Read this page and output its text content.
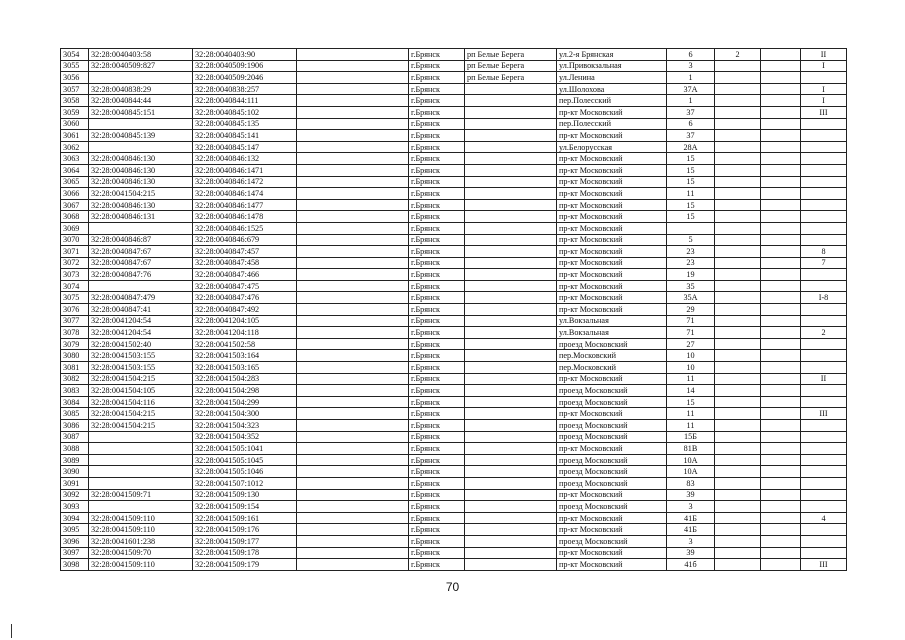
3054	32:28:0040403:58	32:28:0040403:90		г.Брянск	рп Белые Берега	ул.2-я Брянская	6	2		II
3055	32:28:0040509:827	32:28:0040509:1906		г.Брянск	рп Белые Берега	ул.Привокзальная	3			I
3056		32:28:0040509:2046		г.Брянск	рп Белые Берега	ул.Ленина	1			
3057	32:28:0040838:29	32:28:0040838:257		г.Брянск		ул.Шолохова	37А			I
3058	32:28:0040844:44	32:28:0040844:111		г.Брянск		пер.Полесский	1			I
3059	32:28:0040845:151	32:28:0040845:102		г.Брянск		пр-кт Московский	37			III
3060		32:28:0040845:135		г.Брянск		пер.Полесский	6			
3061	32:28:0040845:139	32:28:0040845:141		г.Брянск		пр-кт Московский	37			
3062		32:28:0040845:147		г.Брянск		ул.Белорусская	28А			
3063	32:28:0040846:130	32:28:0040846:132		г.Брянск		пр-кт Московский	15			
3064	32:28:0040846:130	32:28:0040846:1471		г.Брянск		пр-кт Московский	15			
3065	32:28:0040846:130	32:28:0040846:1472		г.Брянск		пр-кт Московский	15			
3066	32:28:0041504:215	32:28:0040846:1474		г.Брянск		пр-кт Московский	11			
3067	32:28:0040846:130	32:28:0040846:1477		г.Брянск		пр-кт Московский	15			
3068	32:28:0040846:131	32:28:0040846:1478		г.Брянск		пр-кт Московский	15			
3069		32:28:0040846:1525		г.Брянск		пр-кт Московский				
3070	32:28:0040846:87	32:28:0040846:679		г.Брянск		пр-кт Московский	5			
3071	32:28:0040847:67	32:28:0040847:457		г.Брянск		пр-кт Московский	23			8
3072	32:28:0040847:67	32:28:0040847:458		г.Брянск		пр-кт Московский	23			7
3073	32:28:0040847:76	32:28:0040847:466		г.Брянск		пр-кт Московский	19			
3074		32:28:0040847:475		г.Брянск		пр-кт Московский	35			
3075	32:28:0040847:479	32:28:0040847:476		г.Брянск		пр-кт Московский	35А			I-8
3076	32:28:0040847:41	32:28:0040847:492		г.Брянск		пр-кт Московский	29			
3077	32:28:0041204:54	32:28:0041204:105		г.Брянск		ул.Вокзальная	71			
3078	32:28:0041204:54	32:28:0041204:118		г.Брянск		ул.Вокзальная	71			2
3079	32:28:0041502:40	32:28:0041502:58		г.Брянск		проезд Московский	27			
3080	32:28:0041503:155	32:28:0041503:164		г.Брянск		пер.Московский	10			
3081	32:28:0041503:155	32:28:0041503:165		г.Брянск		пер.Московский	10			
3082	32:28:0041504:215	32:28:0041504:283		г.Брянск		пр-кт Московский	11			II
3083	32:28:0041504:105	32:28:0041504:298		г.Брянск		проезд Московский	14			
3084	32:28:0041504:116	32:28:0041504:299		г.Брянск		проезд Московский	15			
3085	32:28:0041504:215	32:28:0041504:300		г.Брянск		пр-кт Московский	11			III
3086	32:28:0041504:215	32:28:0041504:323		г.Брянск		проезд Московский	11			
3087		32:28:0041504:352		г.Брянск		проезд Московский	15Б			
3088		32:28:0041505:1041		г.Брянск		пр-кт Московский	81В			
3089		32:28:0041505:1045		г.Брянск		проезд Московский	10А			
3090		32:28:0041505:1046		г.Брянск		проезд Московский	10А			
3091		32:28:0041507:1012		г.Брянск		проезд Московский	83			
3092	32:28:0041509:71	32:28:0041509:130		г.Брянск		пр-кт Московский	39			
3093		32:28:0041509:154		г.Брянск		проезд Московский	3			
3094	32:28:0041509:110	32:28:0041509:161		г.Брянск		пр-кт Московский	41Б			4
3095	32:28:0041509:110	32:28:0041509:176		г.Брянск		пр-кт Московский	41Б			
3096	32:28:0041601:238	32:28:0041509:177		г.Брянск		проезд Московский	3			
3097	32:28:0041509:70	32:28:0041509:178		г.Брянск		пр-кт Московский	39			
3098	32:28:0041509:110	32:28:0041509:179		г.Брянск		пр-кт Московский	41б			III
70
